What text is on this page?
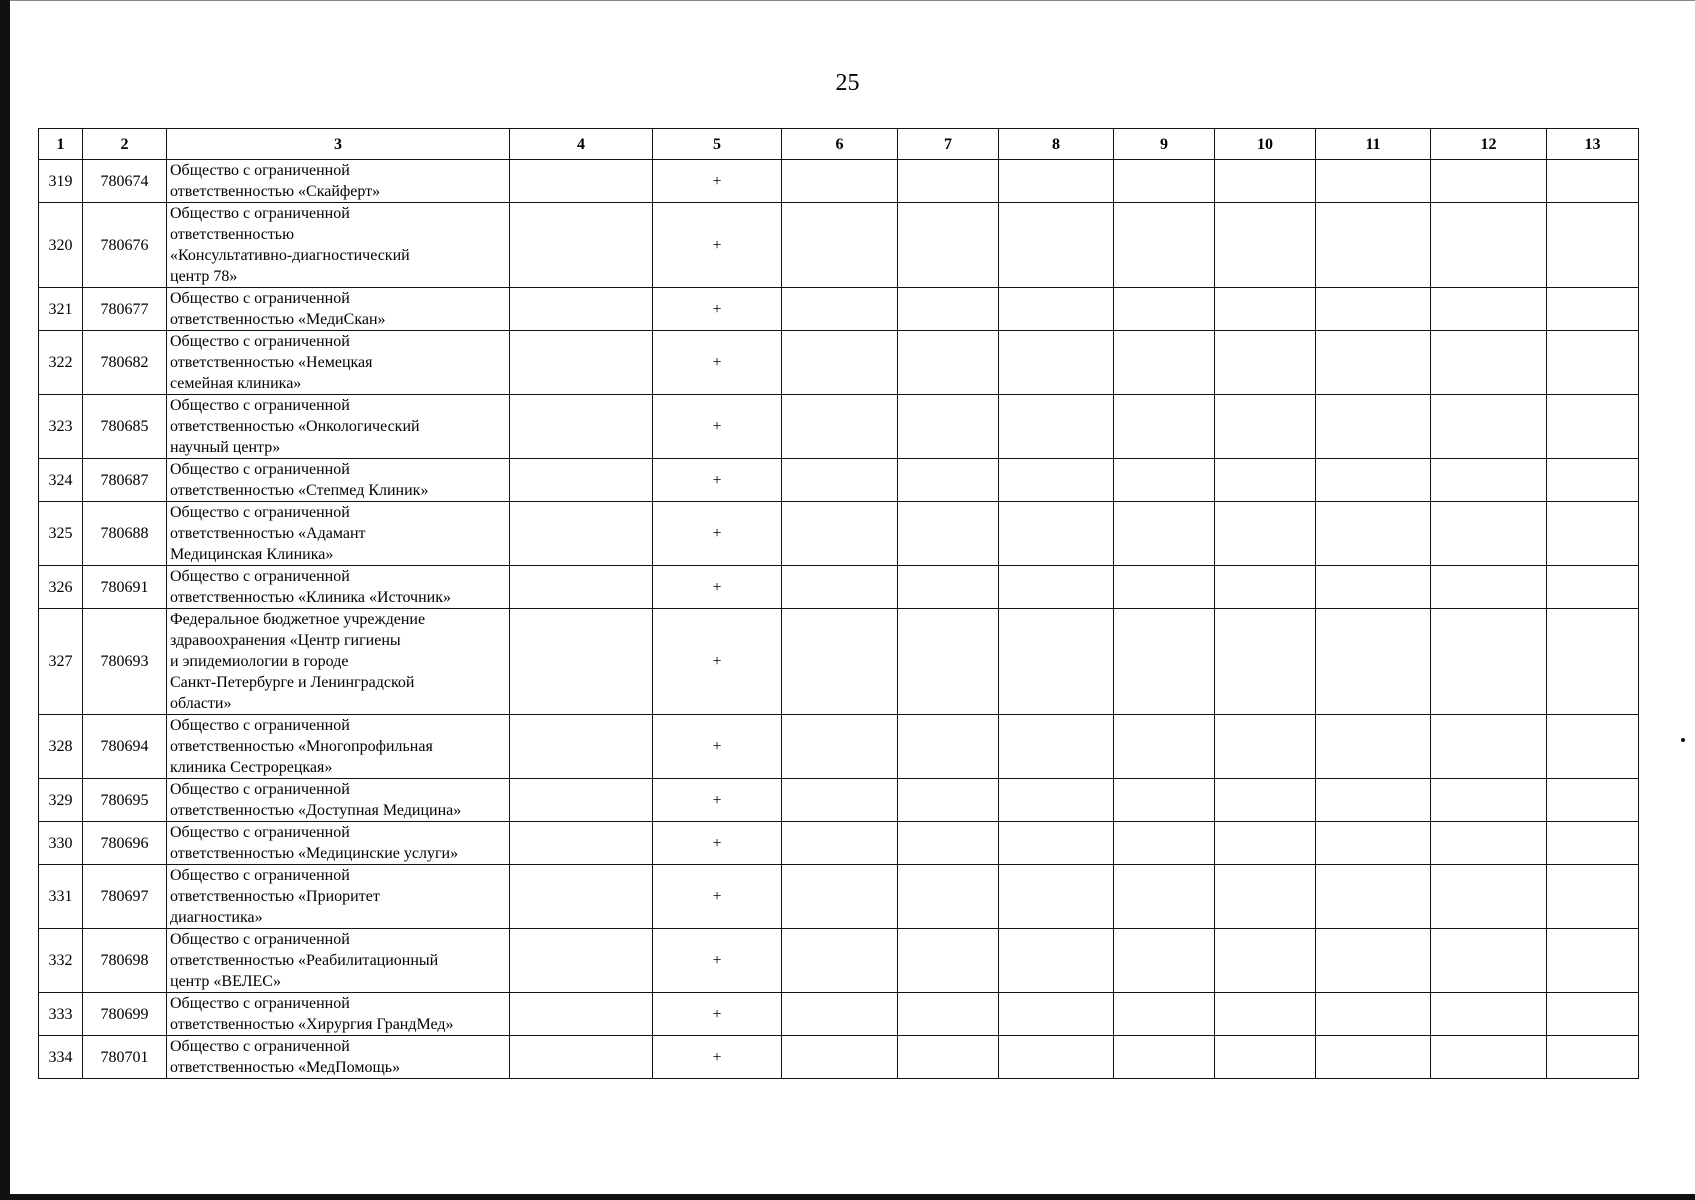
25
1	2	3	4	5	6	7	8	9	10	11	12	13
319	780674	Общество с ограниченной
ответственностью «Скайферт»		+								
320	780676	Общество с ограниченной
ответственностью
«Консультативно-диагностический
центр 78»		+								
321	780677	Общество с ограниченной
ответственностью «МедиСкан»		+								
322	780682	Общество с ограниченной
ответственностью «Немецкая
семейная клиника»		+								
323	780685	Общество с ограниченной
ответственностью «Онкологический
научный центр»		+								
324	780687	Общество с ограниченной
ответственностью «Степмед Клиник»		+								
325	780688	Общество с ограниченной
ответственностью «Адамант
Медицинская Клиника»		+								
326	780691	Общество с ограниченной
ответственностью «Клиника «Источник»		+								
327	780693	Федеральное бюджетное учреждение
здравоохранения «Центр гигиены
и эпидемиологии в городе
Санкт-Петербурге и Ленинградской
области»		+								
328	780694	Общество с ограниченной
ответственностью «Многопрофильная
клиника Сестрорецкая»		+								
329	780695	Общество с ограниченной
ответственностью «Доступная Медицина»		+								
330	780696	Общество с ограниченной
ответственностью «Медицинские услуги»		+								
331	780697	Общество с ограниченной
ответственностью «Приоритет
диагностика»		+								
332	780698	Общество с ограниченной
ответственностью «Реабилитационный
центр «ВЕЛЕС»		+								
333	780699	Общество с ограниченной
ответственностью «Хирургия ГрандМед»		+								
334	780701	Общество с ограниченной
ответственностью «МедПомощь»		+								
